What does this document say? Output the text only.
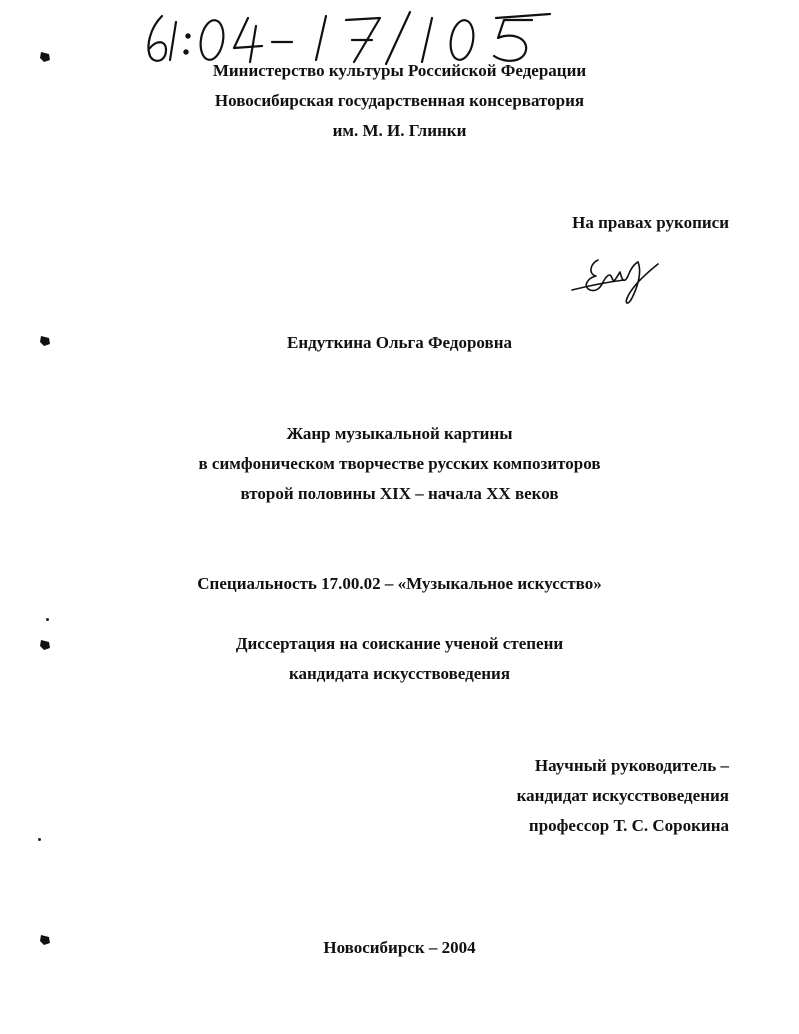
Министерство культуры Российской Федерации
Новосибирская государственная консерватория
им. М. И. Глинки
На правах рукописи
Ендуткина Ольга Федоровна
Жанр музыкальной картины
в симфоническом творчестве русских композиторов
второй половины XIX – начала XX веков
Специальность 17.00.02 – «Музыкальное искусство»
Диссертация на соискание ученой степени
кандидата искусствоведения
Научный руководитель –
кандидат искусствоведения
профессор Т. С. Сорокина
Новосибирск – 2004
